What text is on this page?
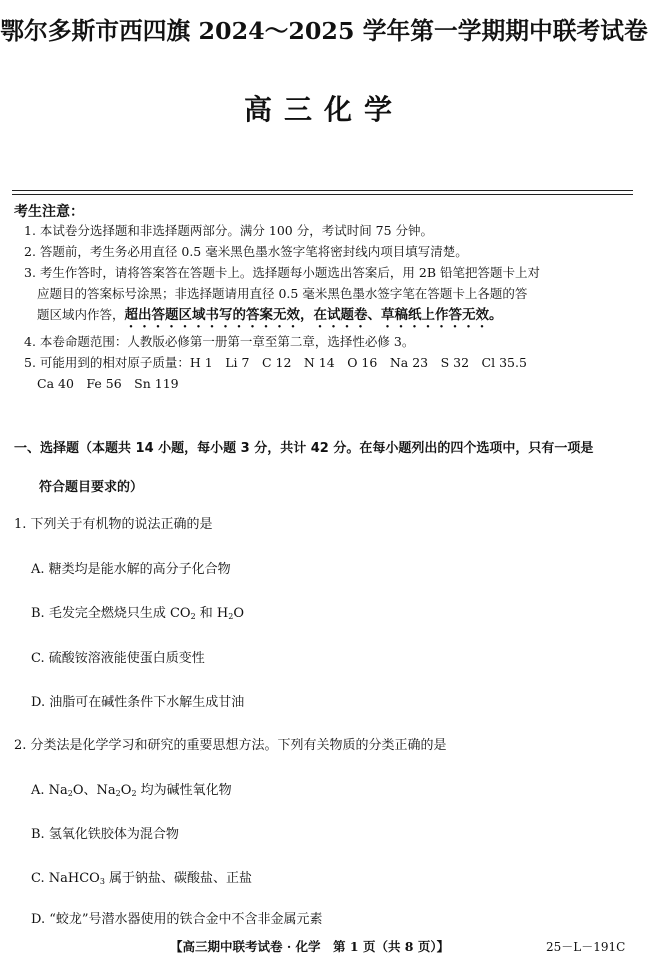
鄂尔多斯市西四旗 2024～2025 学年第一学期期中联考试卷
高三化学
考生注意：
1. 本试卷分选择题和非选择题两部分。满分 100 分，考试时间 75 分钟。
2. 答题前，考生务必用直径 0.5 毫米黑色墨水签字笔将密封线内项目填写清楚。
3. 考生作答时，请将答案答在答题卡上。选择题每小题选出答案后，用 2B 铅笔把答题卡上对
应题目的答案标号涂黑；非选择题请用直径 0.5 毫米黑色墨水签字笔在答题卡上各题的答
题区域内作答，超出答题区域书写的答案无效，在试题卷、草稿纸上作答无效。
4. 本卷命题范围：人教版必修第一册第一章至第二章，选择性必修 3。
5. 可能用到的相对原子质量：H 1　Li 7　C 12　N 14　O 16　Na 23　S 32　Cl 35.5
Ca 40　Fe 56　Sn 119
一、选择题（本题共 14 小题，每小题 3 分，共计 42 分。在每小题列出的四个选项中，只有一项是
符合题目要求的）
1. 下列关于有机物的说法正确的是
A. 糖类均是能水解的高分子化合物
B. 毛发完全燃烧只生成 $CO_2$ 和 $H_2O$
C. 硫酸铵溶液能使蛋白质变性
D. 油脂可在碱性条件下水解生成甘油
2. 分类法是化学学习和研究的重要思想方法。下列有关物质的分类正确的是
A. $Na_2O$、$Na_2O_2$ 均为碱性氧化物
B. 氢氧化铁胶体为混合物
C. NaHCO$_3$ 属于钠盐、碳酸盐、正盐
D. “蛟龙”号潜水器使用的铁合金中不含非金属元素
【高三期中联考试卷 · 化学　第 1 页（共 8 页）】	25－L－191C
